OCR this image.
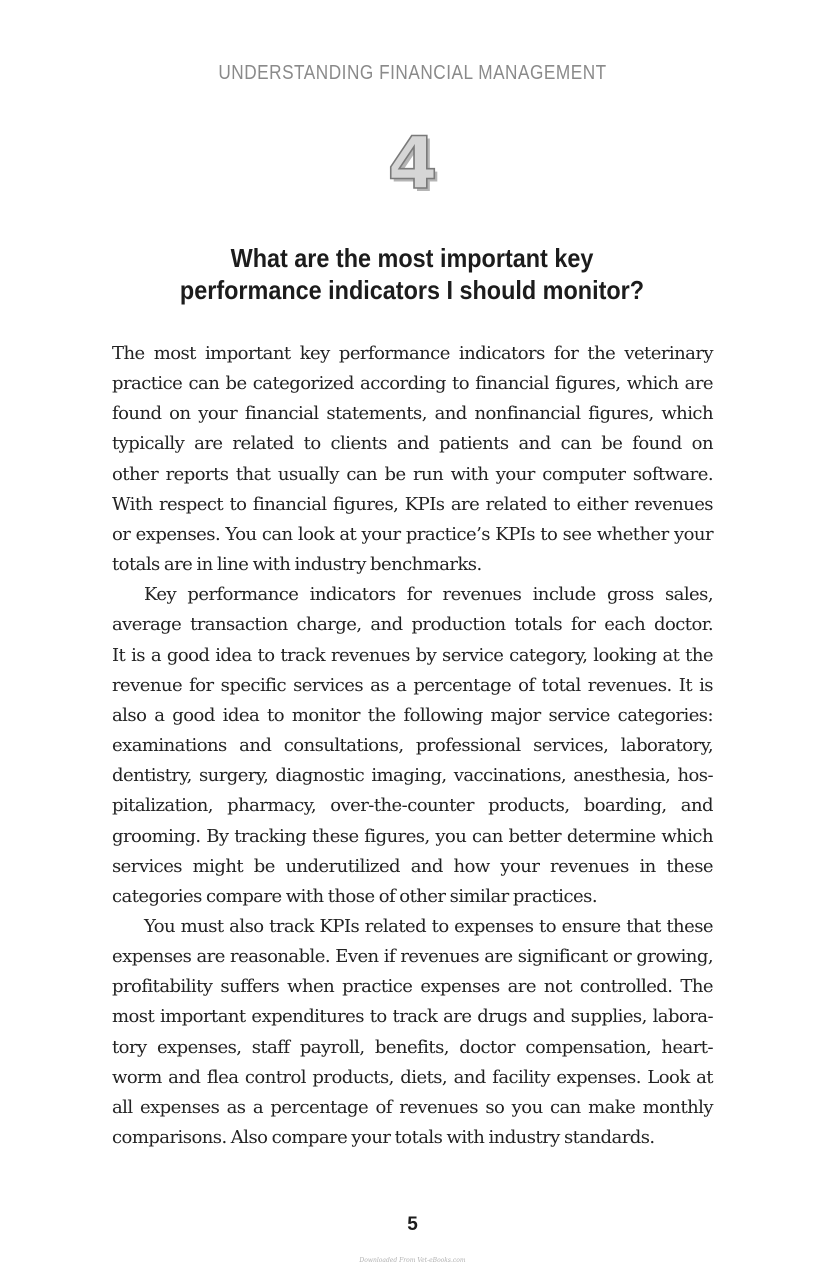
UNDERSTANDING FINANCIAL MANAGEMENT
4
What are the most important key
performance indicators I should monitor?
The most important key performance indicators for the veterinary
practice can be categorized according to financial figures, which are
found on your financial statements, and nonfinancial figures, which
typically are related to clients and patients and can be found on
other reports that usually can be run with your computer software.
With respect to financial figures, KPIs are related to either revenues
or expenses. You can look at your practice’s KPIs to see whether your
totals are in line with industry benchmarks.
Key performance indicators for revenues include gross sales,
average transaction charge, and production totals for each doctor.
It is a good idea to track revenues by service category, looking at the
revenue for specific services as a percentage of total revenues. It is
also a good idea to monitor the following major service categories:
examinations and consultations, professional services, laboratory,
dentistry, surgery, diagnostic imaging, vaccinations, anesthesia, hos-
pitalization, pharmacy, over-the-counter products, boarding, and
grooming. By tracking these figures, you can better determine which
services might be underutilized and how your revenues in these
categories compare with those of other similar practices.
You must also track KPIs related to expenses to ensure that these
expenses are reasonable. Even if revenues are significant or growing,
profitability suffers when practice expenses are not controlled. The
most important expenditures to track are drugs and supplies, labora-
tory expenses, staff payroll, benefits, doctor compensation, heart-
worm and flea control products, diets, and facility expenses. Look at
all expenses as a percentage of revenues so you can make monthly
comparisons. Also compare your totals with industry standards.
5
Downloaded From Vet-eBooks.com
